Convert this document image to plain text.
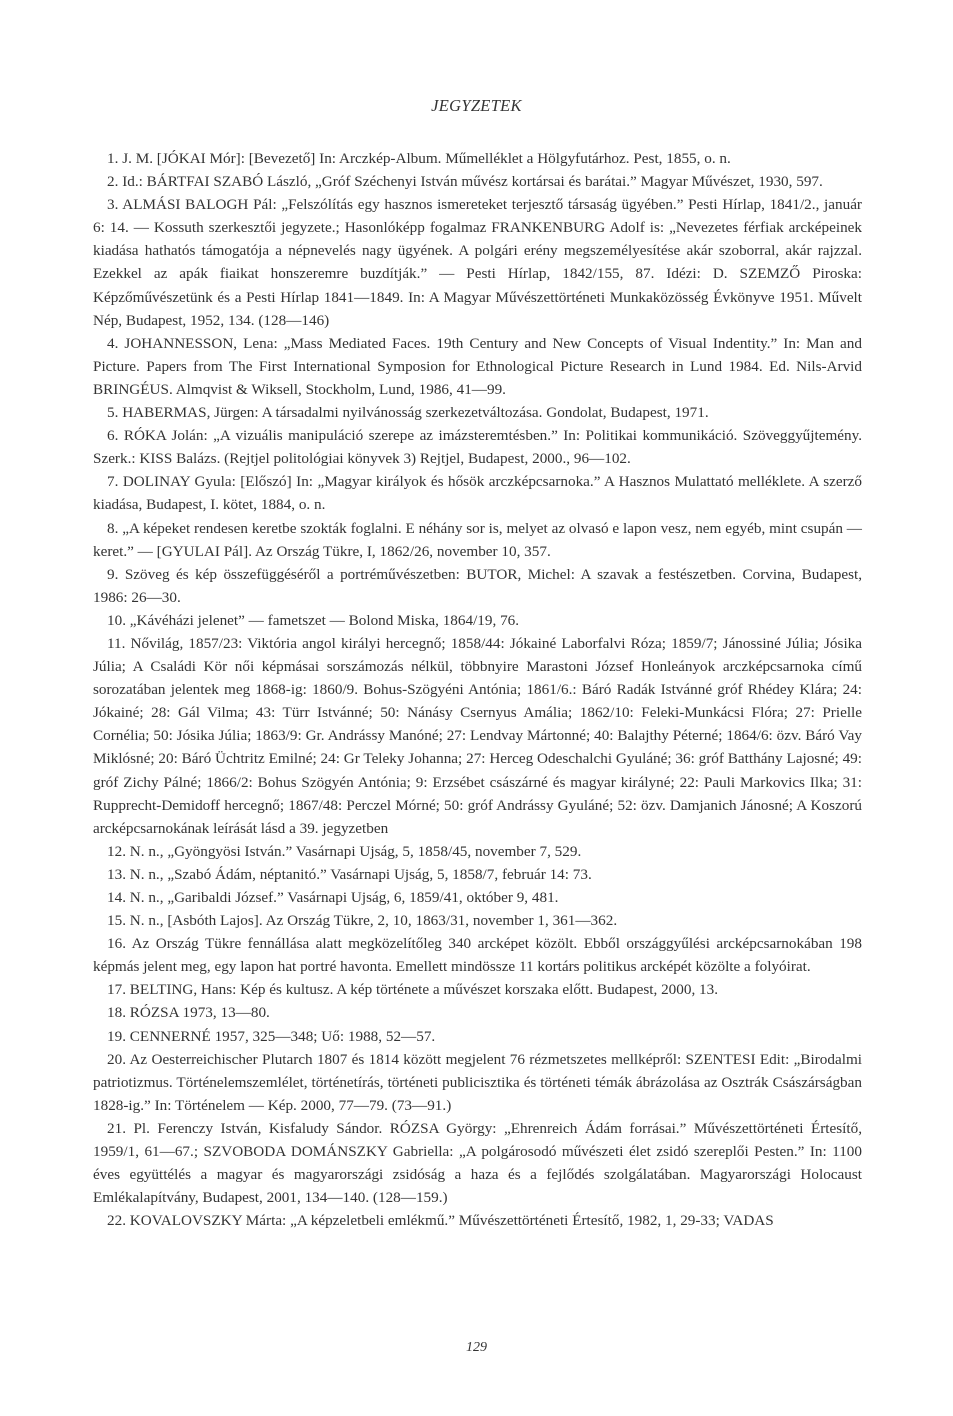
JEGYZETEK

1. J. M. [JÓKAI Mór]: [Bevezető] In: Arczkép-Album. Műmelléklet a Hölgyfutárhoz. Pest, 1855, o. n.

2. Id.: BÁRTFAI SZABÓ László, „Gróf Széchenyi István művész kortársai és barátai.” Magyar Művészet, 1930, 597.

3. ALMÁSI BALOGH Pál: „Felszólítás egy hasznos ismereteket terjesztő társaság ügyében.” Pesti Hírlap, 1841/2., január 6: 14. — Kossuth szerkesztői jegyzete.; Hasonlóképp fogalmaz FRANKENBURG Adolf is: „Nevezetes férfiak arcképeinek kiadása hathatós támogatója a népnevelés nagy ügyének. A polgári erény megszemélyesítése akár szoborral, akár rajzzal. Ezekkel az apák fiaikat honszeremre buzdítják.” — Pesti Hírlap, 1842/155, 87. Idézi: D. SZEMZŐ Piroska: Képzőművészetünk és a Pesti Hírlap 1841—1849. In: A Magyar Művészettörténeti Munkaközösség Évkönyve 1951. Művelt Nép, Budapest, 1952, 134. (128—146)

4. JOHANNESSON, Lena: „Mass Mediated Faces. 19th Century and New Concepts of Visual Indentity.” In: Man and Picture. Papers from The First International Symposion for Ethnological Picture Research in Lund 1984. Ed. Nils-Arvid BRINGÉUS. Almqvist & Wiksell, Stockholm, Lund, 1986, 41—99.

5. HABERMAS, Jürgen: A társadalmi nyilvánosság szerkezetváltozása. Gondolat, Budapest, 1971.

6. RÓKA Jolán: „A vizuális manipuláció szerepe az imázsteremtésben.” In: Politikai kommunikáció. Szöveggyűjtemény. Szerk.: KISS Balázs. (Rejtjel politológiai könyvek 3) Rejtjel, Budapest, 2000., 96—102.

7. DOLINAY Gyula: [Előszó] In: „Magyar királyok és hősök arczképcsarnoka.” A Hasznos Mulattató melléklete. A szerző kiadása, Budapest, I. kötet, 1884, o. n.

8. „A képeket rendesen keretbe szokták foglalni. E néhány sor is, melyet az olvasó e lapon vesz, nem egyéb, mint csupán — keret.” — [GYULAI Pál]. Az Ország Tükre, I, 1862/26, november 10, 357.

9. Szöveg és kép összefüggéséről a portréművészetben: BUTOR, Michel: A szavak a festészetben. Corvina, Budapest, 1986: 26—30.

10. „Kávéházi jelenet” — fametszet — Bolond Miska, 1864/19, 76.

11. Nővilág, 1857/23: Viktória angol királyi hercegnő; 1858/44: Jókainé Laborfalvi Róza; 1859/7; Jánossiné Júlia; Jósika Júlia; A Családi Kör női képmásai sorszámozás nélkül, többnyire Marastoni József Honleányok arczképcsarnoka című sorozatában jelentek meg 1868-ig: 1860/9. Bohus-Szögyéni Antónia; 1861/6.: Báró Radák Istvánné gróf Rhédey Klára; 24: Jókainé; 28: Gál Vilma; 43: Türr Istvánné; 50: Nánásy Csernyus Amália; 1862/10: Feleki-Munkácsi Flóra; 27: Prielle Cornélia; 50: Jósika Júlia; 1863/9: Gr. Andrássy Manóné; 27: Lendvay Mártonné; 40: Balajthy Péterné; 1864/6: özv. Báró Vay Miklósné; 20: Báró Üchtritz Emilné; 24: Gr Teleky Johanna; 27: Herceg Odeschalchi Gyuláné; 36: gróf Batthány Lajosné; 49: gróf Zichy Pálné; 1866/2: Bohus Szögyén Antónia; 9: Erzsébet császárné és magyar királyné; 22: Pauli Markovics Ilka; 31: Rupprecht-Demidoff hercegnő; 1867/48: Perczel Mórné; 50: gróf Andrássy Gyuláné; 52: özv. Damjanich Jánosné; A Koszorú arcképcsarnokának leírását lásd a 39. jegyzetben

12. N. n., „Gyöngyösi István.” Vasárnapi Ujság, 5, 1858/45, november 7, 529.

13. N. n., „Szabó Ádám, néptanitó.” Vasárnapi Ujság, 5, 1858/7, február 14: 73.

14. N. n., „Garibaldi József.” Vasárnapi Ujság, 6, 1859/41, október 9, 481.

15. N. n., [Asbóth Lajos]. Az Ország Tükre, 2, 10, 1863/31, november 1, 361—362.

16. Az Ország Tükre fennállása alatt megközelítőleg 340 arcképet közölt. Ebből országgyűlési arcképcsarnokában 198 képmás jelent meg, egy lapon hat portré havonta. Emellett mindössze 11 kortárs politikus arcképét közölte a folyóirat.

17. BELTING, Hans: Kép és kultusz. A kép története a művészet korszaka előtt. Budapest, 2000, 13.

18. RÓZSA 1973, 13—80.

19. CENNERNÉ 1957, 325—348; Uő: 1988, 52—57.

20. Az Oesterreichischer Plutarch 1807 és 1814 között megjelent 76 rézmetszetes mellképről: SZENTESI Edit: „Birodalmi patriotizmus. Történelemszemlélet, történetírás, történeti publicisztika és történeti témák ábrázolása az Osztrák Császárságban 1828-ig.” In: Történelem — Kép. 2000, 77—79. (73—91.)

21. Pl. Ferenczy István, Kisfaludy Sándor. RÓZSA György: „Ehrenreich Ádám forrásai.” Művészettörténeti Értesítő, 1959/1, 61—67.; SZVOBODA DOMÁNSZKY Gabriella: „A polgárosodó művészeti élet zsidó szereplői Pesten.” In: 1100 éves együttélés a magyar és magyarországi zsidóság a haza és a fejlődés szolgálatában. Magyarországi Holocaust Emlékalapítvány, Budapest, 2001, 134—140. (128—159.)

22. KOVALOVSZKY Márta: „A képzeletbeli emlékmű.” Művészettörténeti Értesítő, 1982, 1, 29-33; VADAS

129
